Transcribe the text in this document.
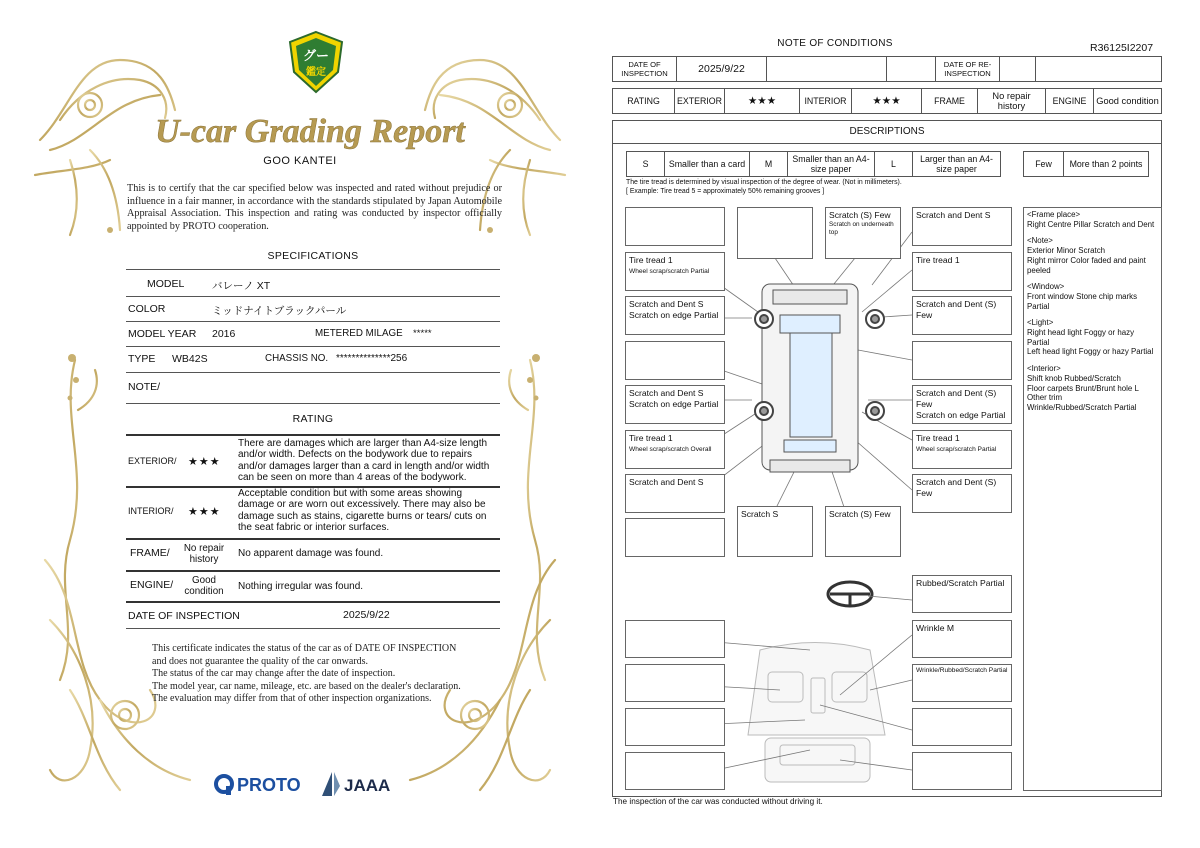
グー
鑑定
U-car Grading Report
GOO KANTEI
This is to certify that the car specified below was inspected and rated without prejudice or influence in a fair manner, in accordance with the standards stipulated by Japan Automobile Appraisal Association. This inspection and rating was conducted by inspector officially appointed by PROTO cooperation.
SPECIFICATIONS
MODEL	バレーノ XT
COLOR	ミッドナイトブラックパール
MODEL YEAR 2016	METERED MILAGE *****
TYPE WB42S	CHASSIS NO. **************256
NOTE/
RATING
EXTERIOR/ ★★★
There are damages which are larger than A4-size length and/or width. Defects on the bodywork due to repairs and/or damages larger than a card in length and/or width can be seen on more than 4 areas of the bodywork.
INTERIOR/ ★★★
Acceptable condition but with some areas showing damage or are worn out excessively. There may also be damage such as stains, cigarette burns or tears/ cuts on the seat fabric or interior surfaces.
FRAME/	No repair history
No apparent damage was found.
ENGINE/	Good condition	Nothing irregular was found.
DATE OF INSPECTION	2025/9/22
This certificate indicates the status of the car as of DATE OF INSPECTION and does not guarantee the quality of the car onwards.
The status of the car may change after the date of inspection.
The model year, car name, mileage, etc. are based on the dealer's declaration.
The evaluation may differ from that of other inspection organizations.
PROTO	JAAA
NOTE OF CONDITIONS	R36125I2207
DATE OF INSPECTION	2025/9/22	DATE OF RE-INSPECTION
RATING	EXTERIOR	★★★	INTERIOR	★★★	FRAME	No repair history	ENGINE	Good condition
DESCRIPTIONS
S	Smaller than a card	M	Smaller than an A4-size paper	L	Larger than an A4-size paper	Few	More than 2 points
The tire tread is determined by visual inspection of the degree of wear. (Not in millimeters).
[ Example: Tire tread 5 = approximately 50% remaining grooves ]
Tire tread 1
Wheel scrap/scratch Partial
Scratch and Dent S
Scratch on edge Partial
Scratch and Dent S
Scratch on edge Partial
Tire tread 1
Wheel scrap/scratch Overall
Scratch and Dent S
Scratch (S) Few
Scratch on underneath top
Scratch S	Scratch (S) Few
Scratch and Dent S
Tire tread 1
Scratch and Dent (S) Few
Scratch and Dent (S) Few
Scratch on edge Partial
Tire tread 1
Wheel scrap/scratch Partial
Scratch and Dent (S) Few
Rubbed/Scratch Partial
Wrinkle M
Wrinkle/Rubbed/Scratch Partial

<Frame place>
Right Centre Pillar Scratch and Dent

<Note>
Exterior Minor Scratch
Right mirror Color faded and paint peeled

<Window>
Front window Stone chip marks Partial

<Light>
Right head light Foggy or hazy Partial
Left head light Foggy or hazy Partial

<Interior>
Shift knob Rubbed/Scratch
Floor carpets Brunt/Brunt hole L
Other trim
Wrinkle/Rubbed/Scratch Partial

The inspection of the car was conducted without driving it.
